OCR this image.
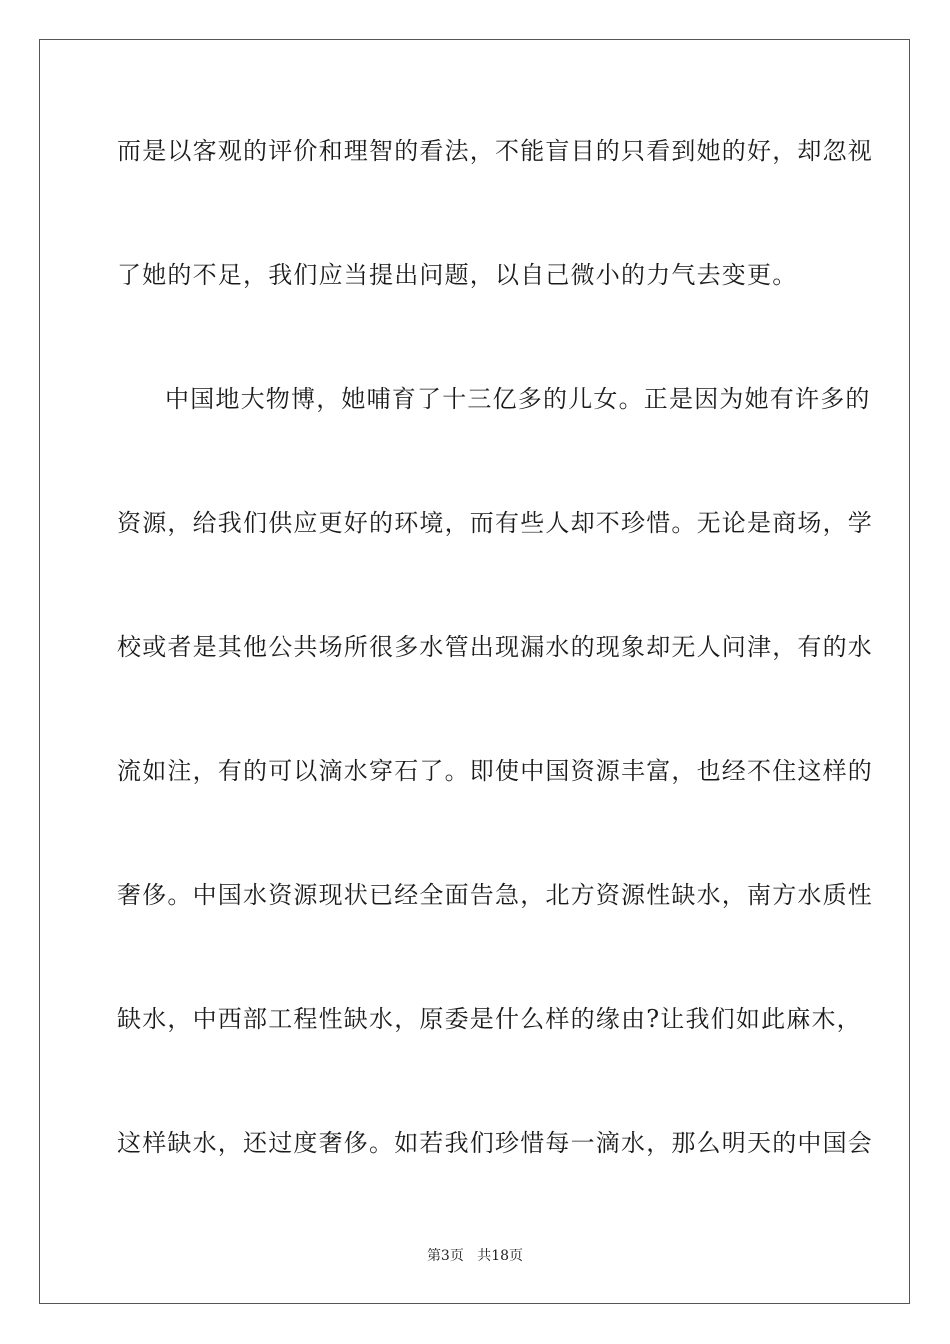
而是以客观的评价和理智的看法，不能盲目的只看到她的好，却忽视
了她的不足，我们应当提出问题，以自己微小的力气去变更。
中国地大物博，她哺育了十三亿多的儿女。正是因为她有许多的
资源，给我们供应更好的环境，而有些人却不珍惜。无论是商场，学
校或者是其他公共场所很多水管出现漏水的现象却无人问津，有的水
流如注，有的可以滴水穿石了。即使中国资源丰富，也经不住这样的
奢侈。中国水资源现状已经全面告急，北方资源性缺水，南方水质性
缺水，中西部工程性缺水，原委是什么样的缘由?让我们如此麻木，
这样缺水，还过度奢侈。如若我们珍惜每一滴水，那么明天的中国会
第3页 共18页
